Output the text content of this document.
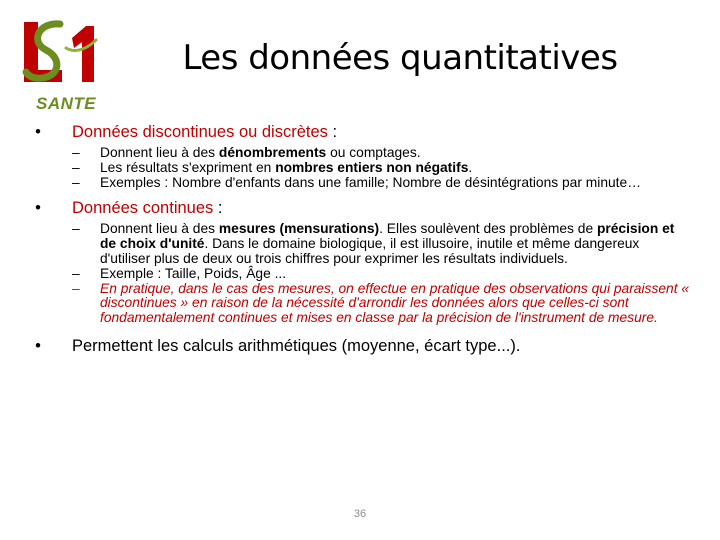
SANTE
Les données quantitatives
•	Données discontinues ou discrètes :
– Donnent lieu à des dénombrements ou comptages.
– Les résultats s'expriment en nombres entiers non négatifs.
– Exemples : Nombre d'enfants dans une famille; Nombre de désintégrations par minute…
•	Données continues :
– Donnent lieu à des mesures (mensurations). Elles soulèvent des problèmes de précision et de choix d'unité. Dans le domaine biologique, il est illusoire, inutile et même dangereux d'utiliser plus de deux ou trois chiffres pour exprimer les résultats individuels.
– Exemple : Taille, Poids, Âge ...
– En pratique, dans le cas des mesures, on effectue en pratique des observations qui paraissent « discontinues » en raison de la nécessité d'arrondir les données alors que celles-ci sont fondamentalement continues et mises en classe par la précision de l'instrument de mesure.
•	Permettent les calculs arithmétiques (moyenne, écart type...).
36
